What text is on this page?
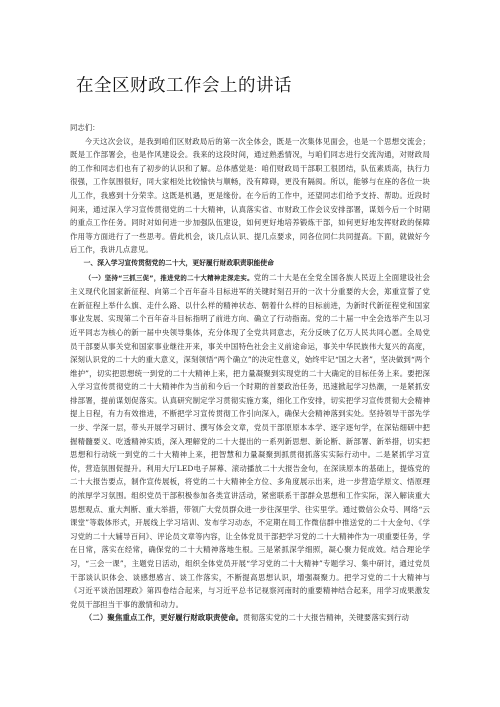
在全区财政工作会上的讲话

同志们：

今天这次会议，是我到咱们区财政局后的第一次全体会，既是一次集体见面会，也是一个思想交流会；既是工作部署会，也是作风建设会。我来的这段时间，通过熟悉情况，与咱们同志进行交流沟通，对财政局的工作和同志们也有了初步的认识和了解。总体感觉是：咱们财政局干部职工很团结，队伍素质高，执行力很强，工作氛围很好，同大家相处比较愉快与顺畅，没有障碍，更没有隔阂。所以，能够与在座的各位一块儿工作，我感到十分荣幸。这既是机遇，更是缘份。在今后的工作中，还望同志们给予支持、帮助。近段时间来，通过深入学习宣传贯彻党的二十大精神，认真落实省、市财政工作会议安排部署，谋划今后一个时期的重点工作任务。同时对如何进一步加强队伍建设，如何更好地培养锻炼干部，如何更好地发挥财政的保障作用等方面进行了一些思考。借此机会，谈几点认识、提几点要求，同各位同仁共同提高。下面，就做好今后工作，我讲几点意见。

一、深入学习宣传贯彻党的二十大，更好履行财政职责职能使命

（一）坚持“三抓三促”，推进党的二十大精神走深走实。党的二十大是在全党全国各族人民迈上全面建设社会主义现代化国家新征程、向第二个百年奋斗目标进军的关键时刻召开的一次十分重要的大会，郑重宣誓了党在新征程上举什么旗、走什么路、以什么样的精神状态、朝着什么样的目标前进，为新时代新征程党和国家事业发展、实现第二个百年奋斗目标指明了前进方向、确立了行动指南。党的二十届一中全会选举产生以习近平同志为核心的新一届中央领导集体，充分体现了全党共同意志，充分反映了亿万人民共同心愿。全局党员干部要从事关党和国家事业继往开来，事关中国特色社会主义前途命运，事关中华民族伟大复兴的高度，深刻认识党的二十大的重大意义，深刻领悟“两个确立”的决定性意义，始终牢记“国之大者”，坚决做到“两个维护”，切实把思想统一到党的二十大精神上来，把力量凝聚到实现党的二十大确定的目标任务上来。要把深入学习宣传贯彻党的二十大精神作为当前和今后一个时期的首要政治任务，迅速掀起学习热潮，一是紧抓安排部署，提前谋划促落实。认真研究制定学习贯彻实施方案，细化工作安排，切实把学习宣传贯彻大会精神提上日程，有力有效推进，不断把学习宣传贯彻工作引向深入，确保大会精神落到实处。坚持领导干部先学一步、学深一层，带头开展学习研讨、撰写体会文章，党员干部原原本本学、逐字逐句学，在深钻细研中把握精髓要义、吃透精神实质，深入理解党的二十大提出的一系列新思想、新论断、新部署、新举措，切实把思想和行动统一到党的二十大精神上来，把智慧和力量凝聚到抓贯彻抓落实实际行动中。二是紧抓学习宣传，营造氛围促提升。利用大厅LED电子屏幕、滚动播放二十大报告金句，在深读原本的基础上，提炼党的二十大报告要点，制作宣传展板，将党的二十大精神全方位、多角度展示出来，进一步营造学原文、悟原理的浓厚学习氛围。组织党员干部积极参加各类宣讲活动，紧密联系干部群众思想和工作实际，深入解读重大思想观点、重大判断、重大举措，带领广大党员群众进一步往深里学、往实里学。通过微信公众号、网络“云课堂”等载体形式，开展线上学习培训、发布学习动态，不定期在局工作微信群中推送党的二十大金句、《学习党的二十大辅导百问》、评论员文章等内容，让全体党员干部把学习党的二十大精神作为一项重要任务，学在日常，落实在经常，确保党的二十大精神落地生根。三是紧抓深学细照，凝心聚力促成效。结合理论学习，“三会一课”，主题党日活动，组织全体党员开展“学习党的二十大精神”专题学习、集中研讨，通过党员干部谈认识体会、谈感想感言、谈工作落实，不断提高思想认识，增强凝聚力。把学习党的二十大精神与《习近平谈治国理政》第四卷结合起来，与习近平总书记视察河南时的重要精神结合起来，用学习成果激发党员干部担当干事的激情和动力。

（二）聚焦重点工作，更好履行财政职责使命。贯彻落实党的二十大报告精神，关键要落实到行动
